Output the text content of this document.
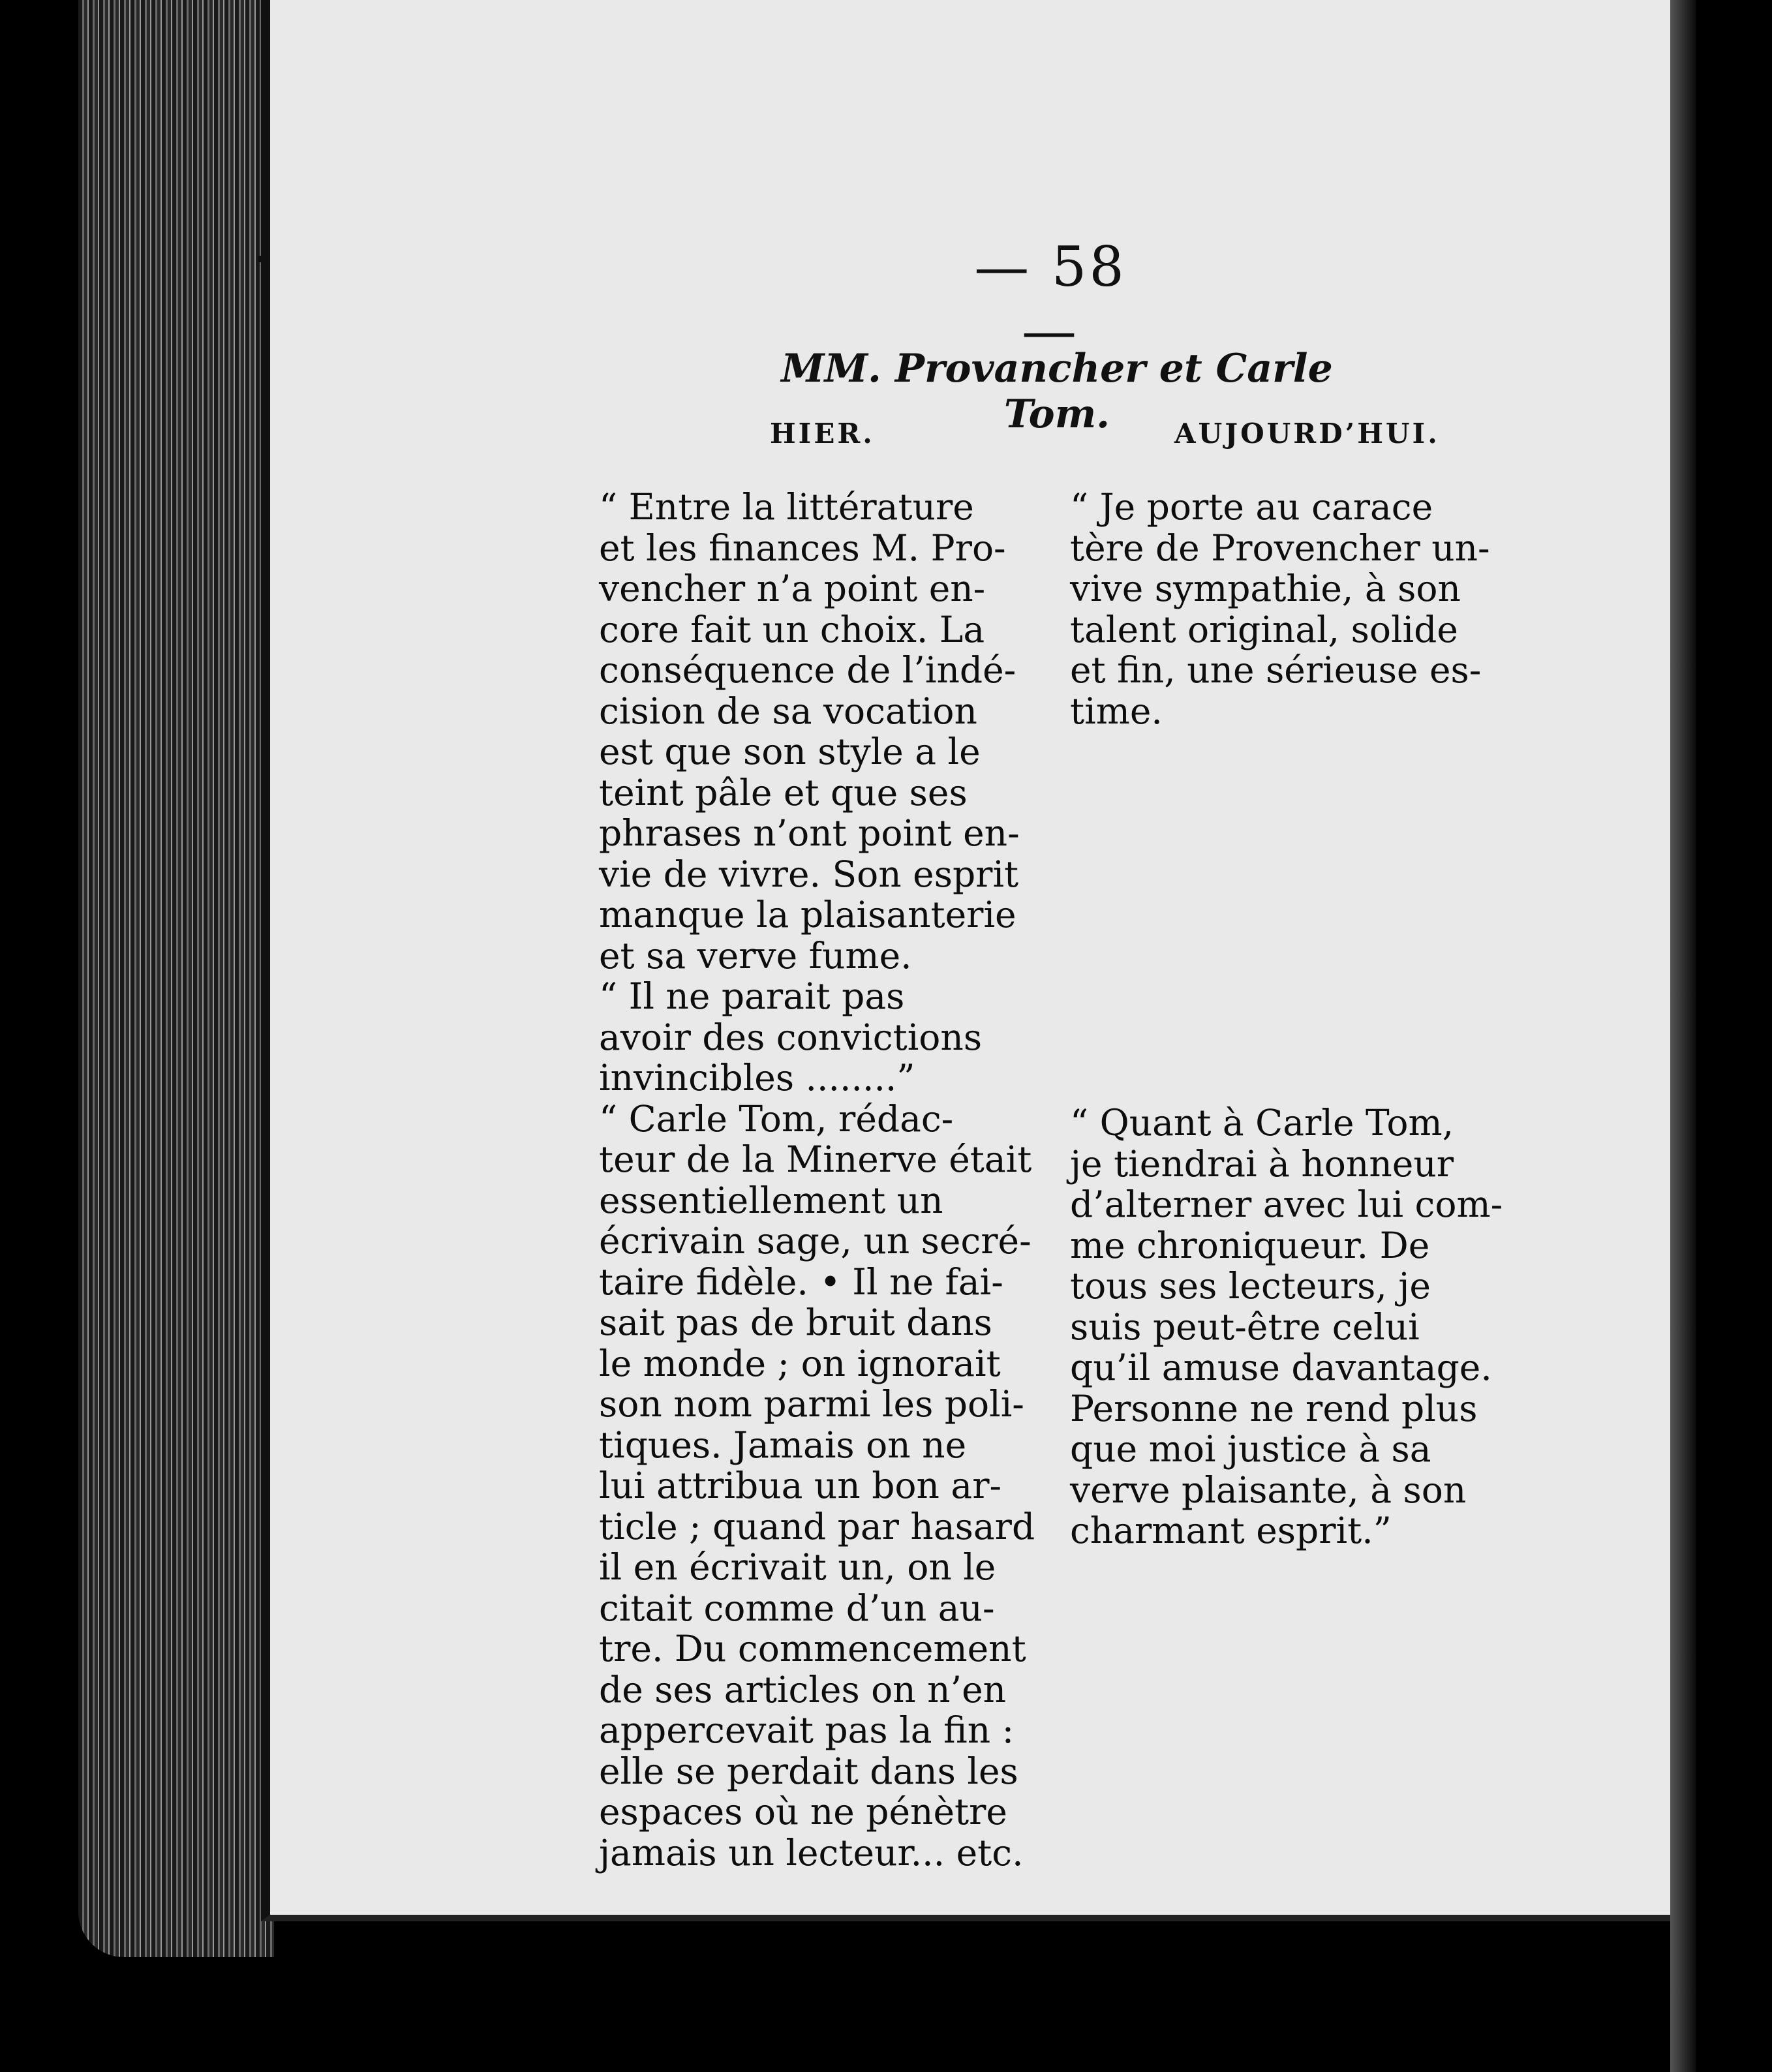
— 58 —
MM. Provancher et Carle Tom.
HIER.	AUJOURD’HUI.
“ Entre la littérature
et les finances M. Pro-
vencher n’a point en-
core fait un choix. La
conséquence de l’indé-
cision de sa vocation
est que son style a le
teint pâle et que ses
phrases n’ont point en-
vie de vivre. Son esprit
manque la plaisanterie
et sa verve fume.
“ Il ne parait pas
avoir des convictions
invincibles ........”
“ Carle Tom, rédac-
teur de la Minerve était
essentiellement un
écrivain sage, un secré-
taire fidèle. • Il ne fai-
sait pas de bruit dans
le monde ; on ignorait
son nom parmi les poli-
tiques. Jamais on ne
lui attribua un bon ar-
ticle ; quand par hasard
il en écrivait un, on le
citait comme d’un au-
tre. Du commencement
de ses articles on n’en
appercevait pas la fin :
elle se perdait dans les
espaces où ne pénètre
jamais un lecteur... etc.
“ Je porte au carace
tère de Provencher un-
vive sympathie, à son
talent original, solide
et fin, une sérieuse es-
time.
“ Quant à Carle Tom,
je tiendrai à honneur
d’alterner avec lui com-
me chroniqueur. De
tous ses lecteurs, je
suis peut-être celui
qu’il amuse davantage.
Personne ne rend plus
que moi justice à sa
verve plaisante, à son
charmant esprit.”
